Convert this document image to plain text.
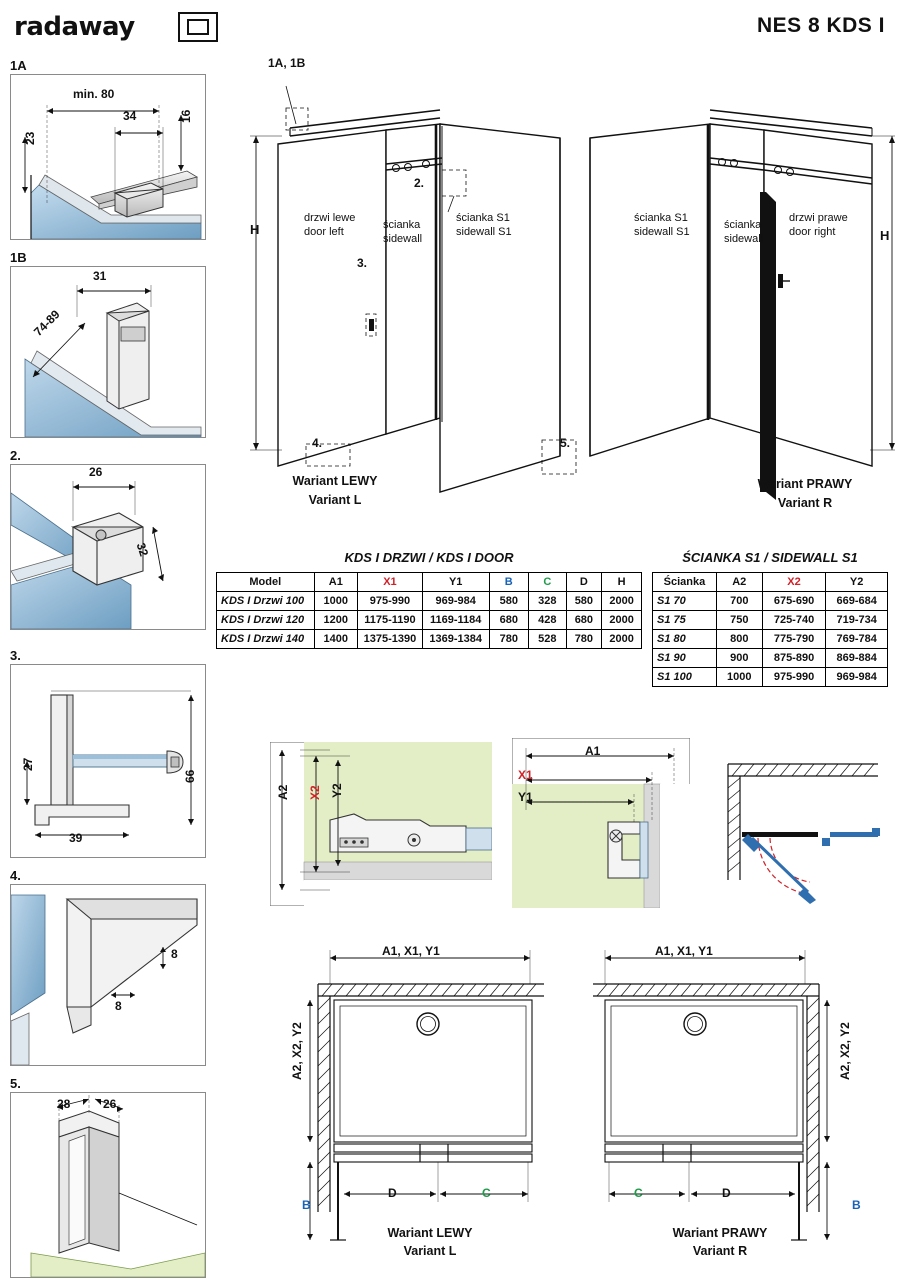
radaway	NES 8 KDS I
1A
min. 80
34	16
23
1B
31
74-89
2.
26
32
3.
27
39
66
4.
8
8
5.
28	26
1A, 1B
2.
3.
4.	5.
H	H
drzwi lewe
door left
ścianka
sidewall
ścianka S1
sidewall S1
ścianka S1
sidewall S1
ścianka
sidewall
drzwi prawe
door right
Wariant LEWY
Variant L
Wariant PRAWY
Variant R
KDS I DRZWI / KDS I DOOR
Model	A1	X1	Y1	B	C	D	H
KDS I Drzwi 100	1000	975-990	969-984	580	328	580	2000
KDS I Drzwi 120	1200	1175-1190	1169-1184	680	428	680	2000
KDS I Drzwi 140	1400	1375-1390	1369-1384	780	528	780	2000
ŚCIANKA S1 / SIDEWALL S1
Ścianka	A2	X2	Y2
S1 70	700	675-690	669-684
S1 75	750	725-740	719-734
S1 80	800	775-790	769-784
S1 90	900	875-890	869-884
S1 100	1000	975-990	969-984
A2 X2 Y2
A1
X1
Y1
A1, X1, Y1
A2, X2, Y2
D	C
B
Wariant LEWY
Variant L
A1, X1, Y1
A2, X2, Y2
C	D
B
Wariant PRAWY
Variant R
